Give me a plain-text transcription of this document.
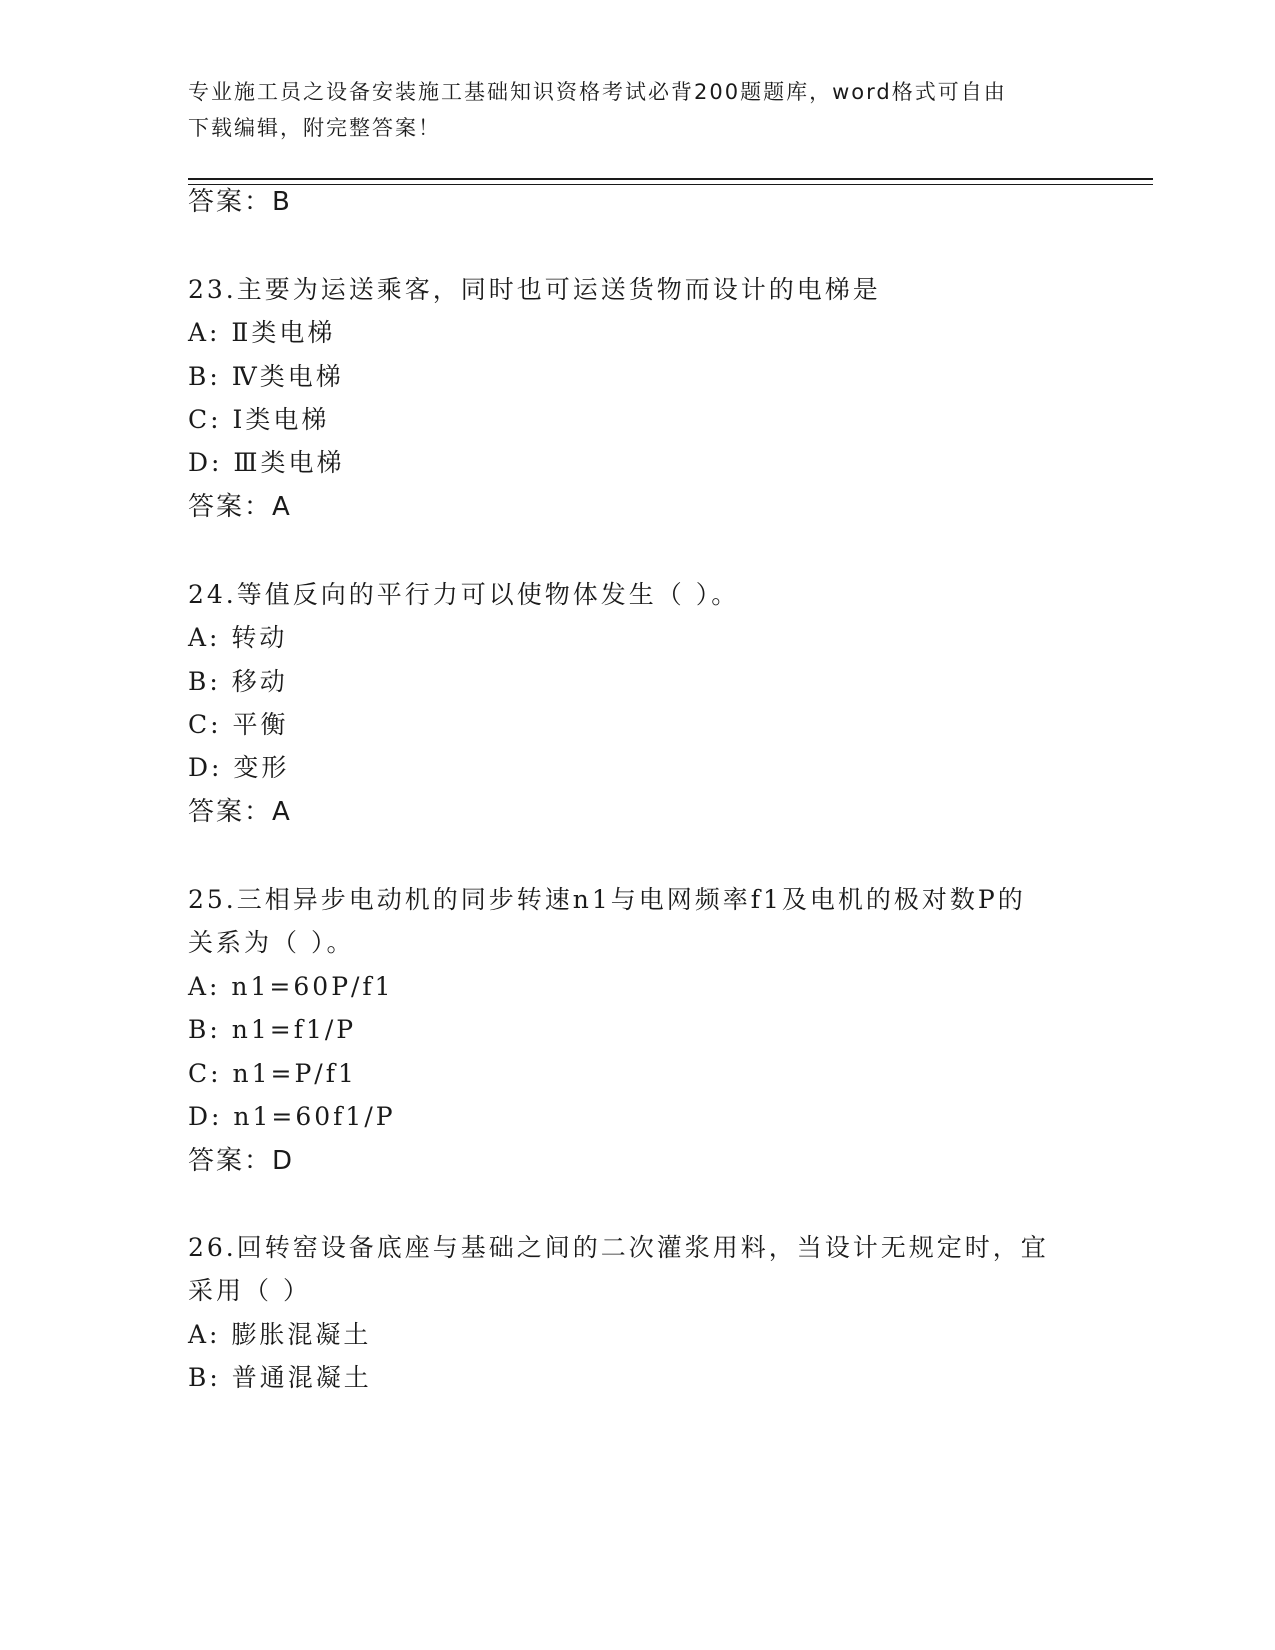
专业施工员之设备安装施工基础知识资格考试必背200题题库，word格式可自由
下载编辑，附完整答案！
答案：B
23.主要为运送乘客，同时也可运送货物而设计的电梯是
A: Ⅱ类电梯
B: Ⅳ类电梯
C: Ⅰ类电梯
D: Ⅲ类电梯
答案：A
24.等值反向的平行力可以使物体发生（ ）。
A: 转动
B: 移动
C: 平衡
D: 变形
答案：A
25.三相异步电动机的同步转速n1与电网频率f1及电机的极对数P的
关系为（ ）。
A: n1=60P/f1
B: n1=f1/P
C: n1=P/f1
D: n1=60f1/P
答案：D
26.回转窑设备底座与基础之间的二次灌浆用料，当设计无规定时，宜
采用（ ）
A: 膨胀混凝土
B: 普通混凝土
